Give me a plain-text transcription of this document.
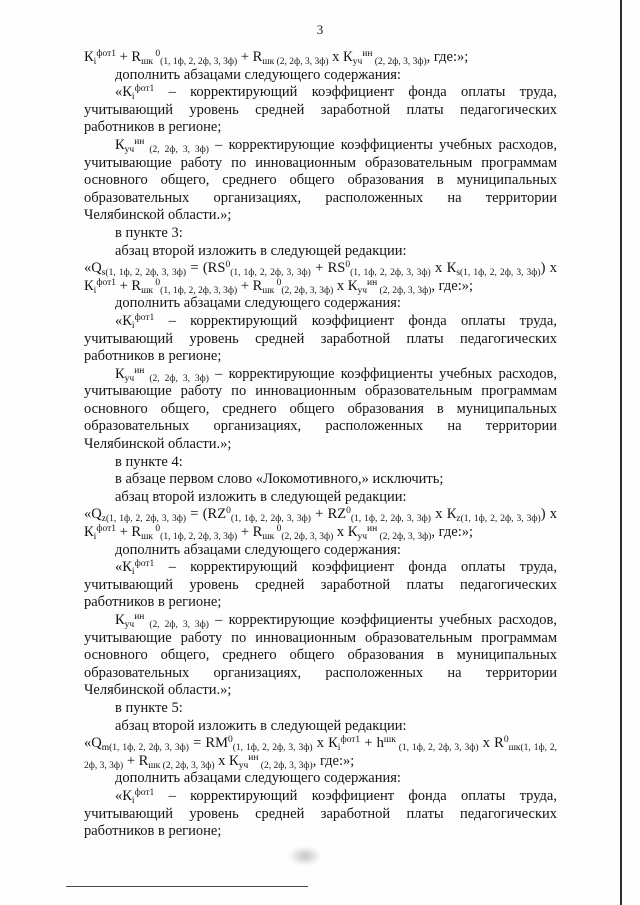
3

$К_i^{фот1} + R_{шк}$ $^0_{(1, 1ф, 2, 2ф, 3, 3ф)} + R_{шк (2, 2ф, 3, 3ф)}$ х $К_{уч}^{ин}$ $_{(2, 2ф, 3, 3ф)}$, где:»;

дополнить абзацами следующего содержания:

«$К_i^{фот1}$ – корректирующий коэффициент фонда оплаты труда, учитывающий уровень средней заработной платы педагогических работников в регионе;

$К_{уч}^{ин}$ $_{(2, 2ф, 3, 3ф)}$ – корректирующие коэффициенты учебных расходов, учитывающие работу по инновационным образовательным программам основного общего, среднего общего образования в муниципальных образовательных организациях, расположенных на территории Челябинской области.»;

в пункте 3:

абзац второй изложить в следующей редакции:

«$Q_{s(1, 1ф, 2, 2ф, 3, 3ф)} = (RS^0_{(1, 1ф, 2, 2ф, 3, 3ф)} + RS^0_{(1, 1ф, 2, 2ф, 3, 3ф)}$ х $К_{s(1, 1ф, 2, 2ф, 3, 3ф)}$) х $К_i^{фот1} + R_{шк}$ $^0_{(1, 1ф, 2, 2ф, 3, 3ф)} + R_{шк}$ $^0_{(2, 2ф, 3, 3ф)}$ х $К_{уч}^{ин}$ $_{(2, 2ф, 3, 3ф)}$, где:»;

дополнить абзацами следующего содержания:

«$К_i^{фот1}$ – корректирующий коэффициент фонда оплаты труда, учитывающий уровень средней заработной платы педагогических работников в регионе;

$К_{уч}^{ин}$ $_{(2, 2ф, 3, 3ф)}$ – корректирующие коэффициенты учебных расходов, учитывающие работу по инновационным образовательным программам основного общего, среднего общего образования в муниципальных образовательных организациях, расположенных на территории Челябинской области.»;

в пункте 4:

в абзаце первом слово «Локомотивного,» исключить;

абзац второй изложить в следующей редакции:

«$Q_{z(1, 1ф, 2, 2ф, 3, 3ф)} = (RZ^0_{(1, 1ф, 2, 2ф, 3, 3ф)} + RZ^0_{(1, 1ф, 2, 2ф, 3, 3ф)}$ х $К_{z(1, 1ф, 2, 2ф, 3, 3ф)}$) х $К_i^{фот1} + R_{шк}$ $^0_{(1, 1ф, 2, 2ф, 3, 3ф)} + R_{шк}$ $^0_{(2, 2ф, 3, 3ф)}$ х $К_{уч}^{ин}$ $_{(2, 2ф, 3, 3ф)}$, где:»;

дополнить абзацами следующего содержания:

«$К_i^{фот1}$ – корректирующий коэффициент фонда оплаты труда, учитывающий уровень средней заработной платы педагогических работников в регионе;

$К_{уч}^{ин}$ $_{(2, 2ф, 3, 3ф)}$ – корректирующие коэффициенты учебных расходов, учитывающие работу по инновационным образовательным программам основного общего, среднего общего образования в муниципальных образовательных организациях, расположенных на территории Челябинской области.»;

в пункте 5:

абзац второй изложить в следующей редакции:

«$Q_{m(1, 1ф, 2, 2ф, 3, 3ф)} = RM^0_{(1, 1ф, 2, 2ф, 3, 3ф)}$ х $К_i^{фот1} + h^{шк}$ $_{(1, 1ф, 2, 2ф, 3, 3ф)}$ х $R^0_{шк(1, 1ф, 2, 2ф, 3, 3ф)} + R_{шк (2, 2ф, 3, 3ф)}$ х $К_{уч}^{ин}$ $_{(2, 2ф, 3, 3ф)}$, где:»;

дополнить абзацами следующего содержания:

«$К_i^{фот1}$ – корректирующий коэффициент фонда оплаты труда, учитывающий уровень средней заработной платы педагогических работников в регионе;
